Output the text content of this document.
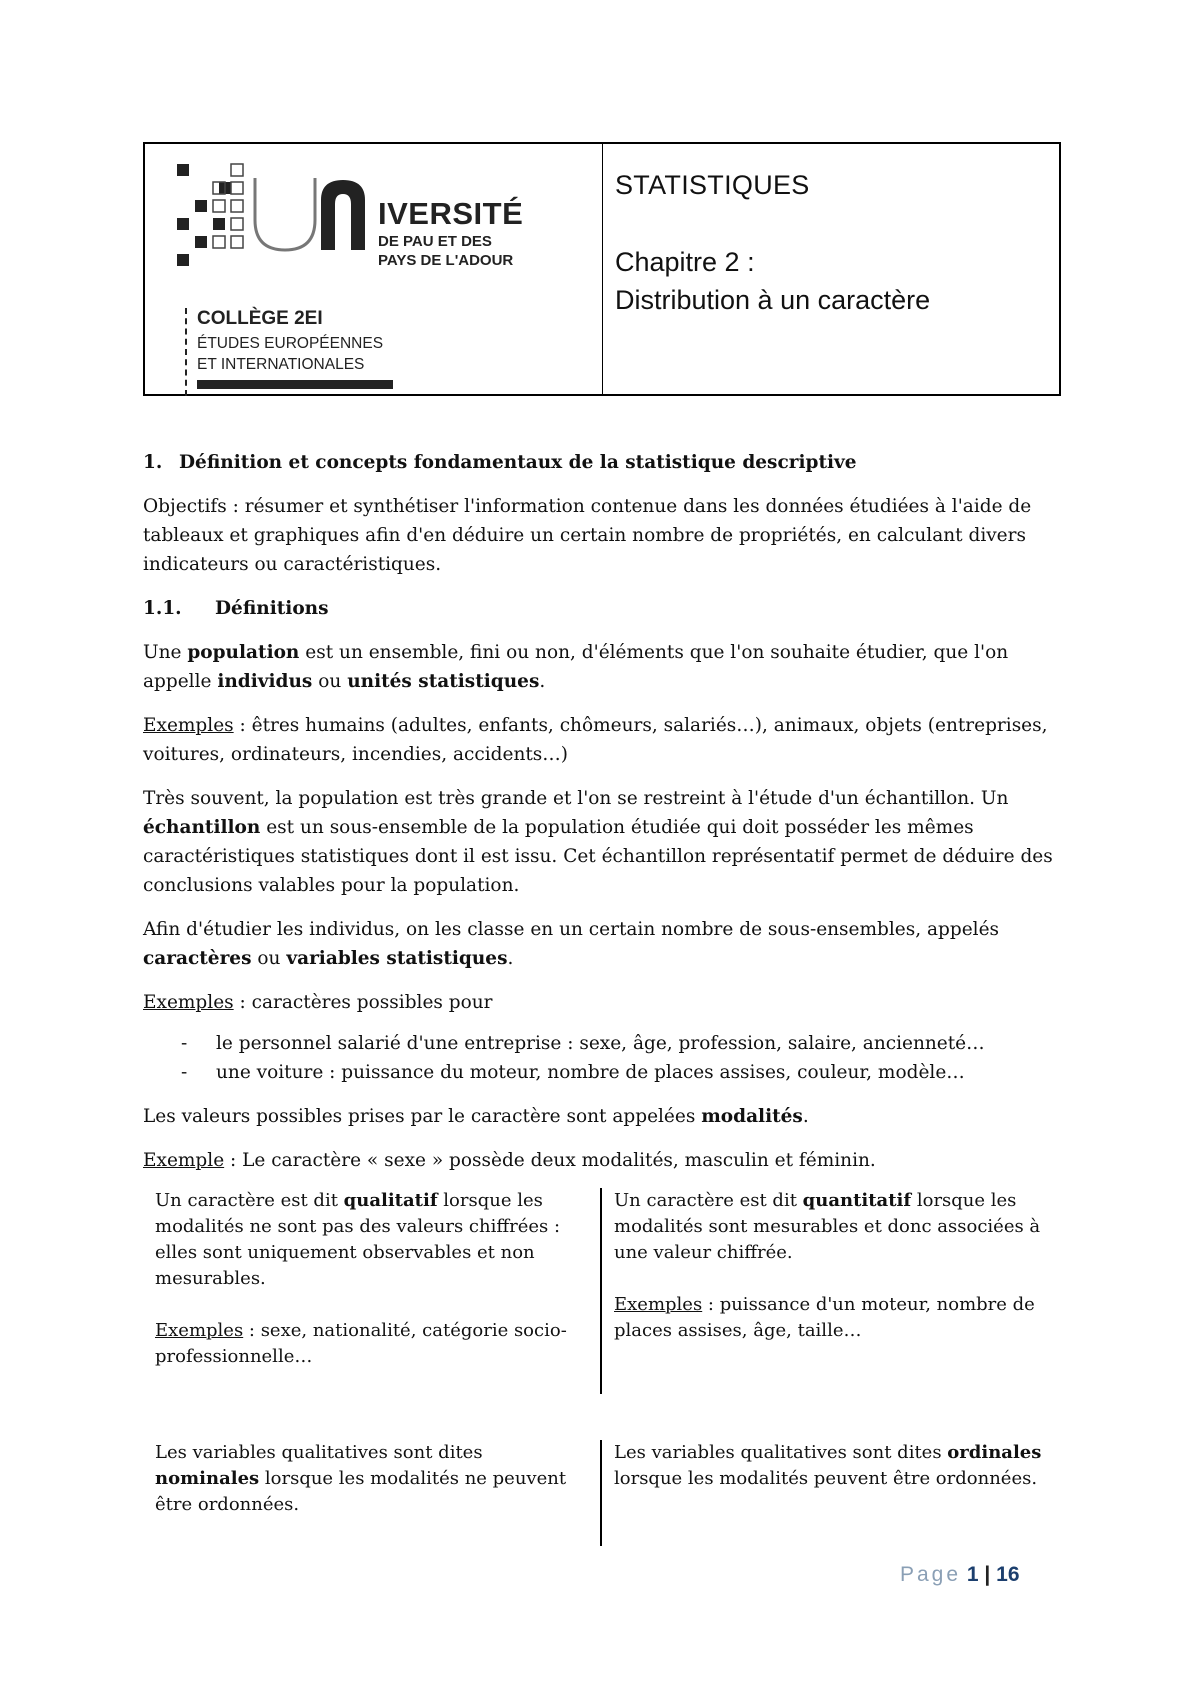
IVERSITÉ
DE PAU ET DES
PAYS DE L'ADOUR
COLLÈGE 2EI
ÉTUDES EUROPÉENNES
ET INTERNATIONALES

STATISTIQUES

Chapitre 2 :

Distribution à un caractère

1. Définition et concepts fondamentaux de la statistique descriptive

Objectifs : résumer et synthétiser l'information contenue dans les données étudiées à l'aide de tableaux et graphiques afin d'en déduire un certain nombre de propriétés, en calculant divers indicateurs ou caractéristiques.

1.1. Définitions

Une population est un ensemble, fini ou non, d'éléments que l'on souhaite étudier, que l'on appelle individus ou unités statistiques.

Exemples : êtres humains (adultes, enfants, chômeurs, salariés…), animaux, objets (entreprises, voitures, ordinateurs, incendies, accidents…)

Très souvent, la population est très grande et l'on se restreint à l'étude d'un échantillon. Un échantillon est un sous-ensemble de la population étudiée qui doit posséder les mêmes caractéristiques statistiques dont il est issu. Cet échantillon représentatif permet de déduire des conclusions valables pour la population.

Afin d'étudier les individus, on les classe en un certain nombre de sous-ensembles, appelés caractères ou variables statistiques.

Exemples : caractères possibles pour

- le personnel salarié d'une entreprise : sexe, âge, profession, salaire, ancienneté…
- une voiture : puissance du moteur, nombre de places assises, couleur, modèle…

Les valeurs possibles prises par le caractère sont appelées modalités.

Exemple : Le caractère « sexe » possède deux modalités, masculin et féminin.

Un caractère est dit qualitatif lorsque les modalités ne sont pas des valeurs chiffrées : elles sont uniquement observables et non mesurables.

Exemples : sexe, nationalité, catégorie socio-professionnelle…

Un caractère est dit quantitatif lorsque les modalités sont mesurables et donc associées à une valeur chiffrée.

Exemples : puissance d'un moteur, nombre de places assises, âge, taille…

Les variables qualitatives sont dites nominales lorsque les modalités ne peuvent être ordonnées.

Les variables qualitatives sont dites ordinales lorsque les modalités peuvent être ordonnées.

Page 1 | 16
